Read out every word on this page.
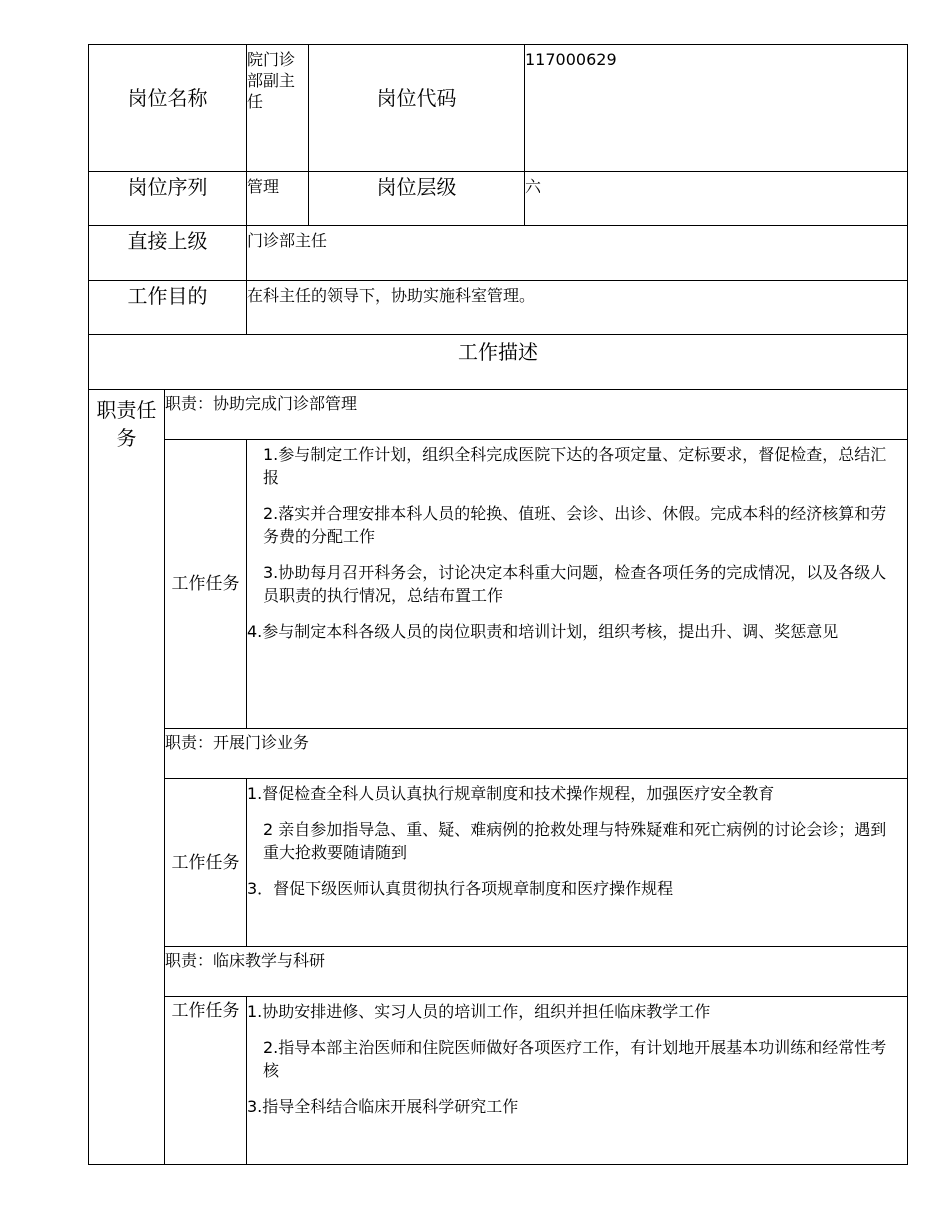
岗位名称		院门诊部副主任	岗位代码	117000629
岗位序列		管理	岗位层级	六
直接上级		门诊部主任		
工作目的		在科主任的领导下，协助实施科室管理。		
工作描述				
职责任务	职责：协助完成门诊部管理			
	工作任务	1.参与制定工作计划，组织全科完成医院下达的各项定量、定标要求，督促检查，总结汇报

2.落实并合理安排本科人员的轮换、值班、会诊、出诊、休假。完成本科的经济核算和劳务费的分配工作

3.协助每月召开科务会，讨论决定本科重大问题，检查各项任务的完成情况，以及各级人员职责的执行情况，总结布置工作

4.参与制定本科各级人员的岗位职责和培训计划，组织考核，提出升、调、奖惩意见		

	职责：开展门诊业务			
	工作任务	1.督促检查全科人员认真执行规章制度和技术操作规程，加强医疗安全教育

2 亲自参加指导急、重、疑、难病例的抢救处理与特殊疑难和死亡病例的讨论会诊；遇到重大抢救要随请随到

3．督促下级医师认真贯彻执行各项规章制度和医疗操作规程		

	职责：临床教学与科研			
	工作任务	1.协助安排进修、实习人员的培训工作，组织并担任临床教学工作

2.指导本部主治医师和住院医师做好各项医疗工作，有计划地开展基本功训练和经常性考核

3.指导全科结合临床开展科学研究工作		
